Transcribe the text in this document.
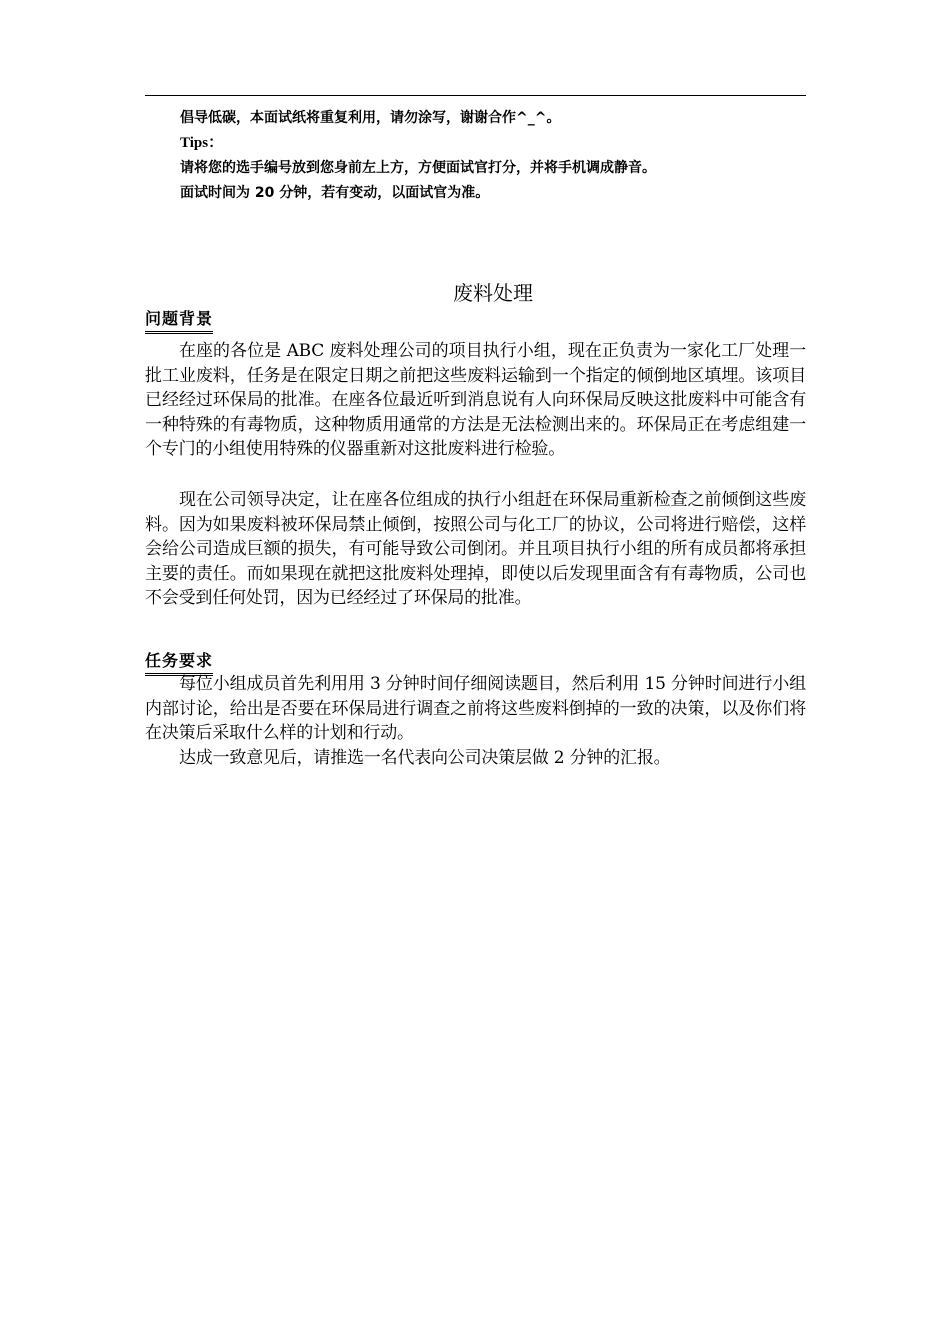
倡导低碳，本面试纸将重复利用，请勿涂写，谢谢合作^_^。
Tips：
请将您的选手编号放到您身前左上方，方便面试官打分，并将手机调成静音。
面试时间为 20 分钟，若有变动，以面试官为准。
废料处理
问题背景

在座的各位是 ABC 废料处理公司的项目执行小组，现在正负责为一家化工厂处理一批工业废料，任务是在限定日期之前把这些废料运输到一个指定的倾倒地区填埋。该项目已经经过环保局的批准。在座各位最近听到消息说有人向环保局反映这批废料中可能含有一种特殊的有毒物质，这种物质用通常的方法是无法检测出来的。环保局正在考虑组建一个专门的小组使用特殊的仪器重新对这批废料进行检验。

现在公司领导决定，让在座各位组成的执行小组赶在环保局重新检查之前倾倒这些废料。因为如果废料被环保局禁止倾倒，按照公司与化工厂的协议，公司将进行赔偿，这样会给公司造成巨额的损失，有可能导致公司倒闭。并且项目执行小组的所有成员都将承担主要的责任。而如果现在就把这批废料处理掉，即使以后发现里面含有有毒物质，公司也不会受到任何处罚，因为已经经过了环保局的批准。

任务要求

每位小组成员首先利用用 3 分钟时间仔细阅读题目，然后利用 15 分钟时间进行小组内部讨论，给出是否要在环保局进行调查之前将这些废料倒掉的一致的决策，以及你们将在决策后采取什么样的计划和行动。

达成一致意见后，请推选一名代表向公司决策层做 2 分钟的汇报。
